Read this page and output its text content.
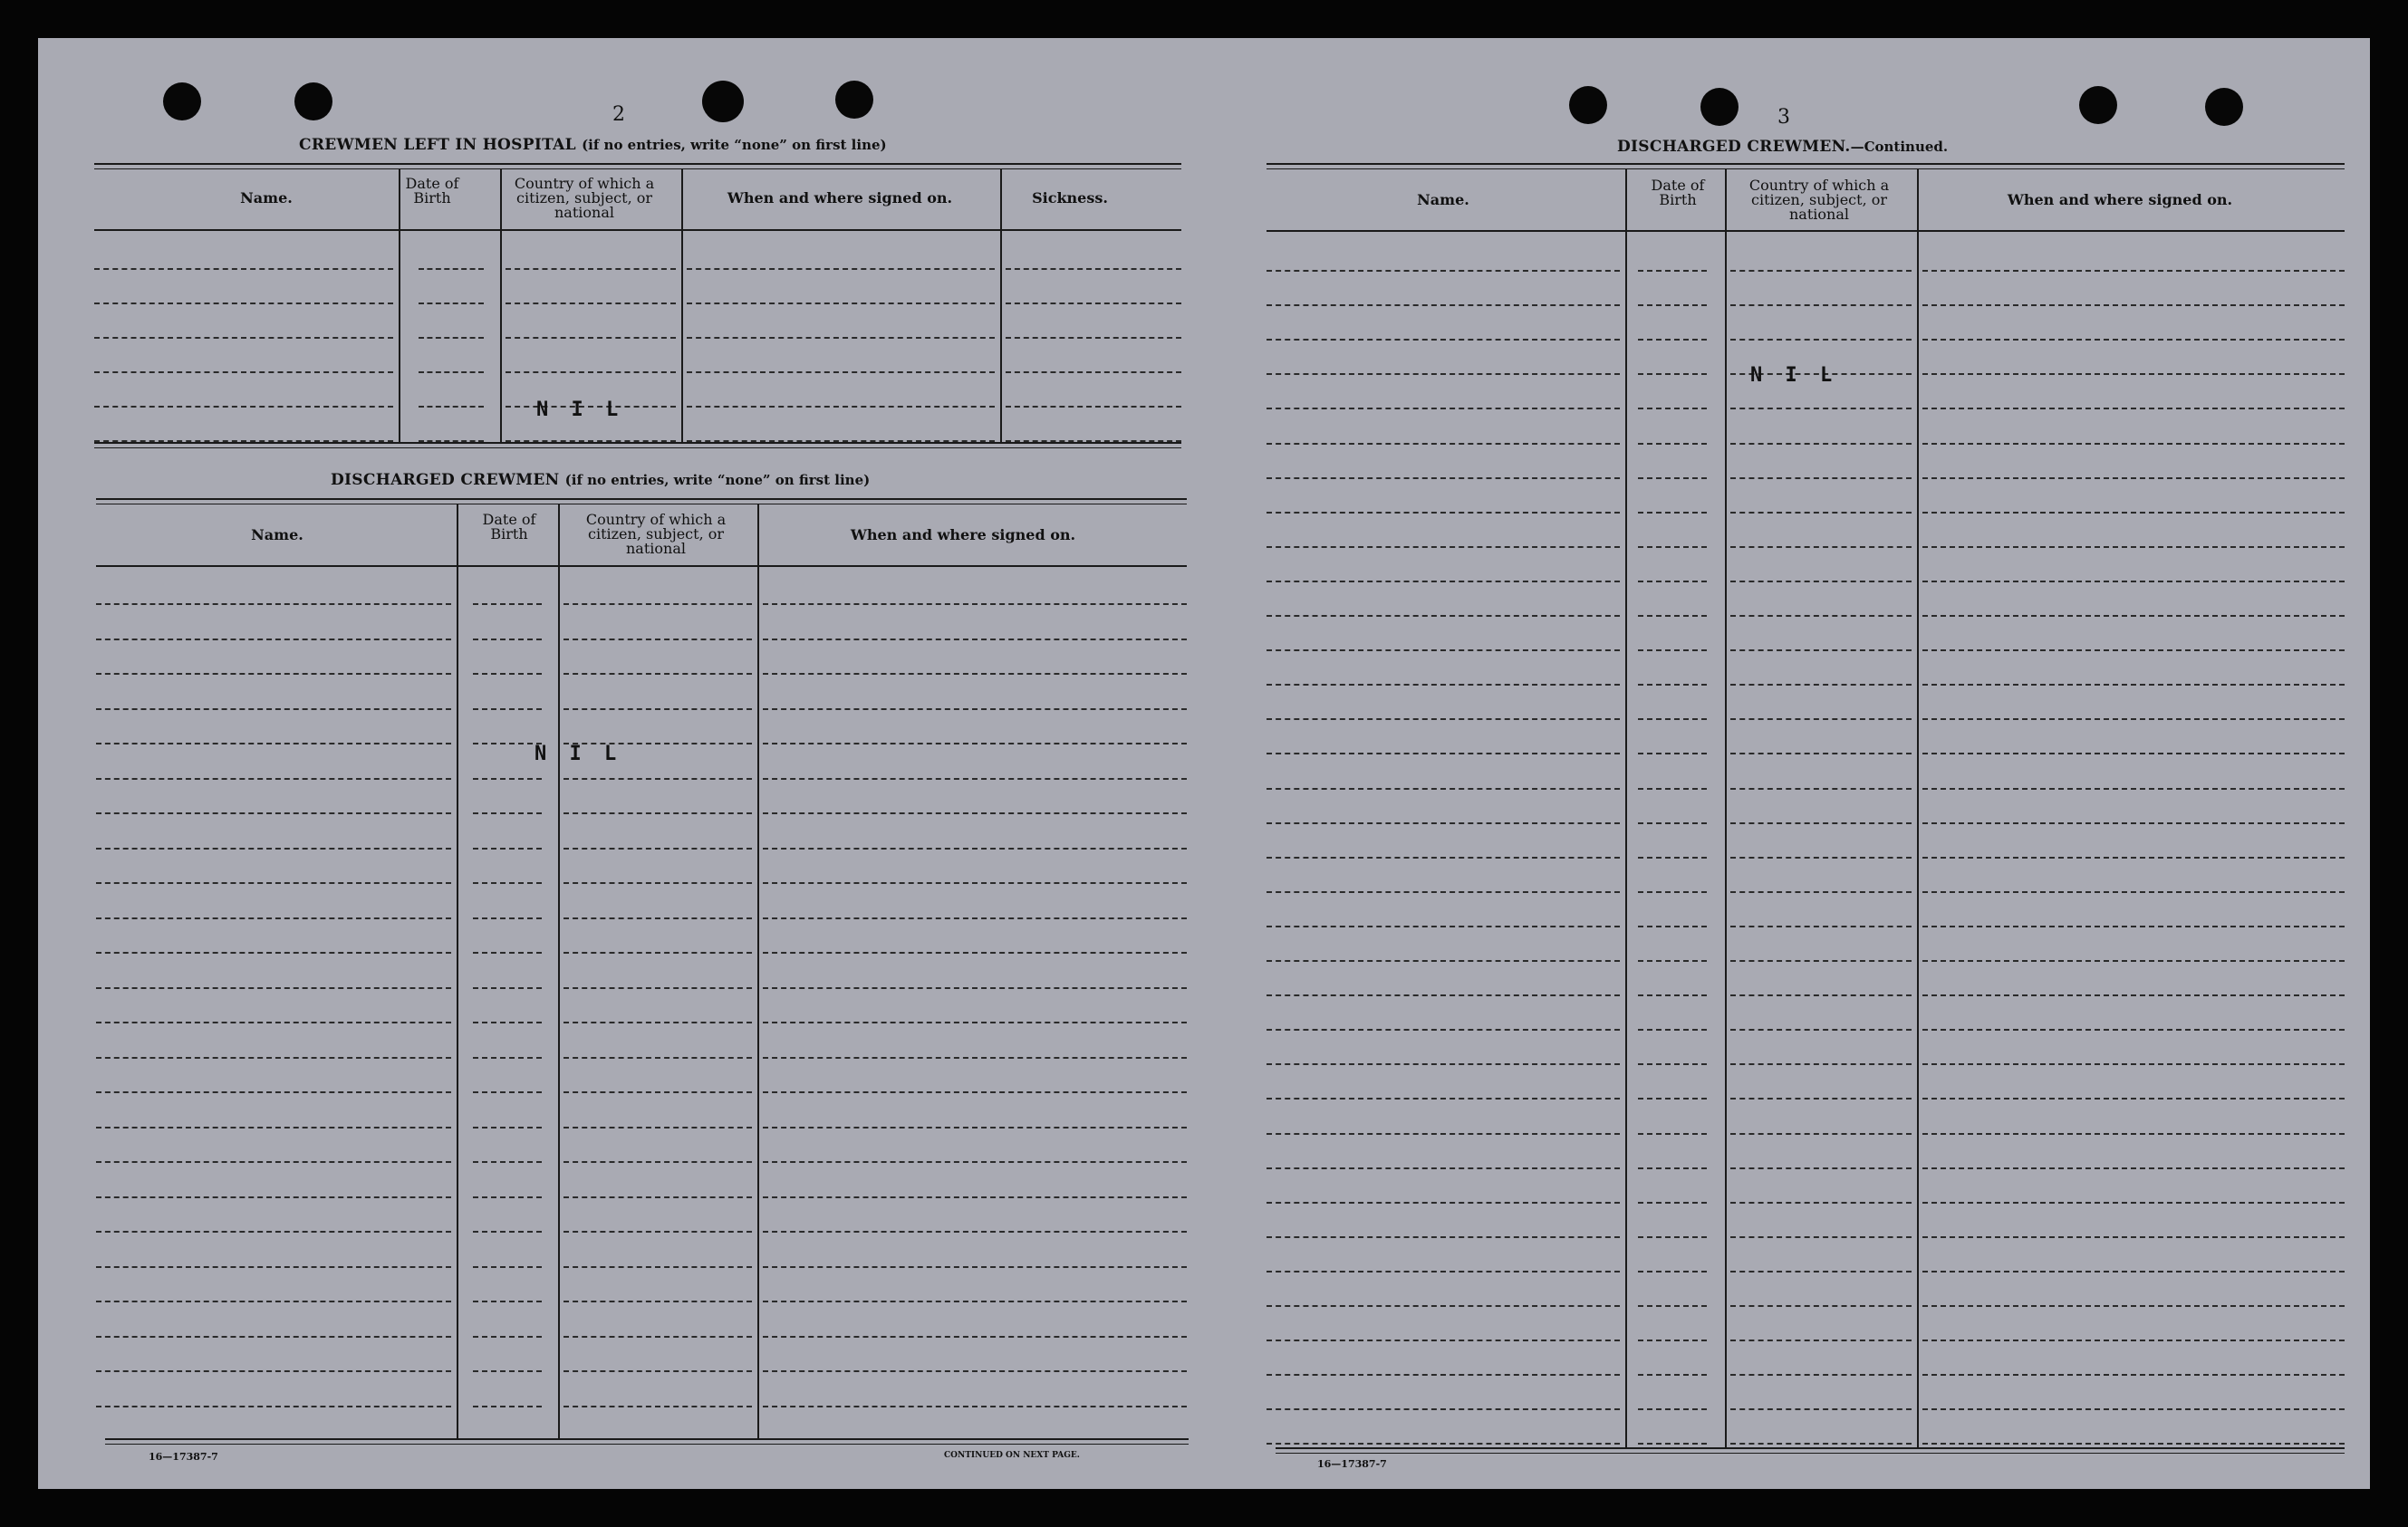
2
CREWMEN LEFT IN HOSPITAL (if no entries, write “none” on first line)
Name.
Date of Birth
Country of which a citizen, subject, or national
When and where signed on.	Sickness.
N I L
DISCHARGED CREWMEN (if no entries, write “none” on first line)
Name.
Date of Birth
Country of which a citizen, subject, or national
When and where signed on.
N I L
16—17387-7	CONTINUED ON NEXT PAGE.
3
DISCHARGED CREWMEN.—Continued.
Name.
Date of Birth
Country of which a citizen, subject, or national
When and where signed on.
N I L
16—17387-7
